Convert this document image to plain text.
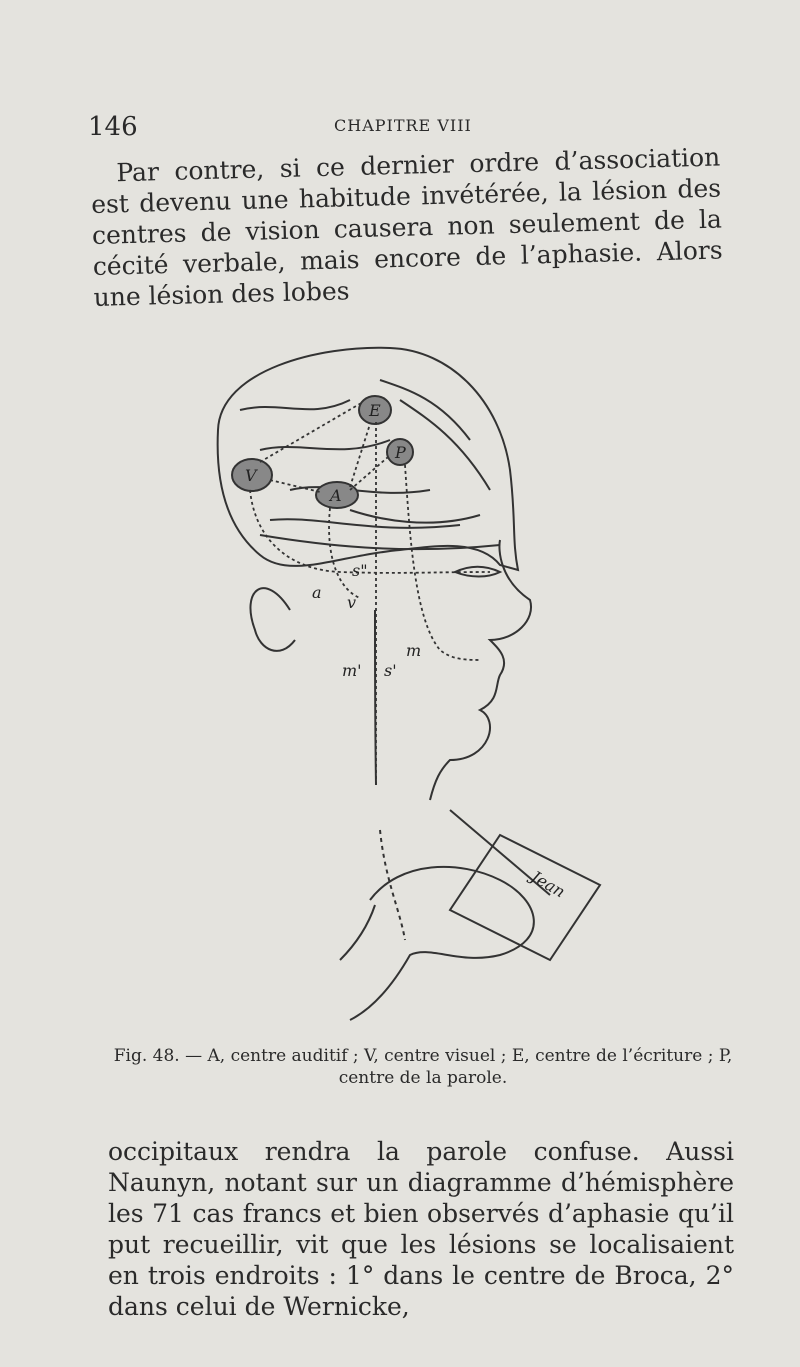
146	CHAPITRE VIII

Par contre, si ce dernier ordre d’association est devenu une habitude invétérée, la lésion des centres de vision causera non seulement de la cécité verbale, mais encore de l’aphasie. Alors une lésion des lobes

E
P
V
A
s"
a
v
m
m' s'
Jean
Fig. 48. — A, centre auditif ; V, centre visuel ; E, centre de l’écriture ; P, centre de la parole.

occipitaux rendra la parole confuse. Aussi Naunyn, notant sur un diagramme d’hémisphère les 71 cas francs et bien observés d’aphasie qu’il put recueillir, vit que les lésions se localisaient en trois endroits : 1° dans le centre de Broca, 2° dans celui de Wernicke,
